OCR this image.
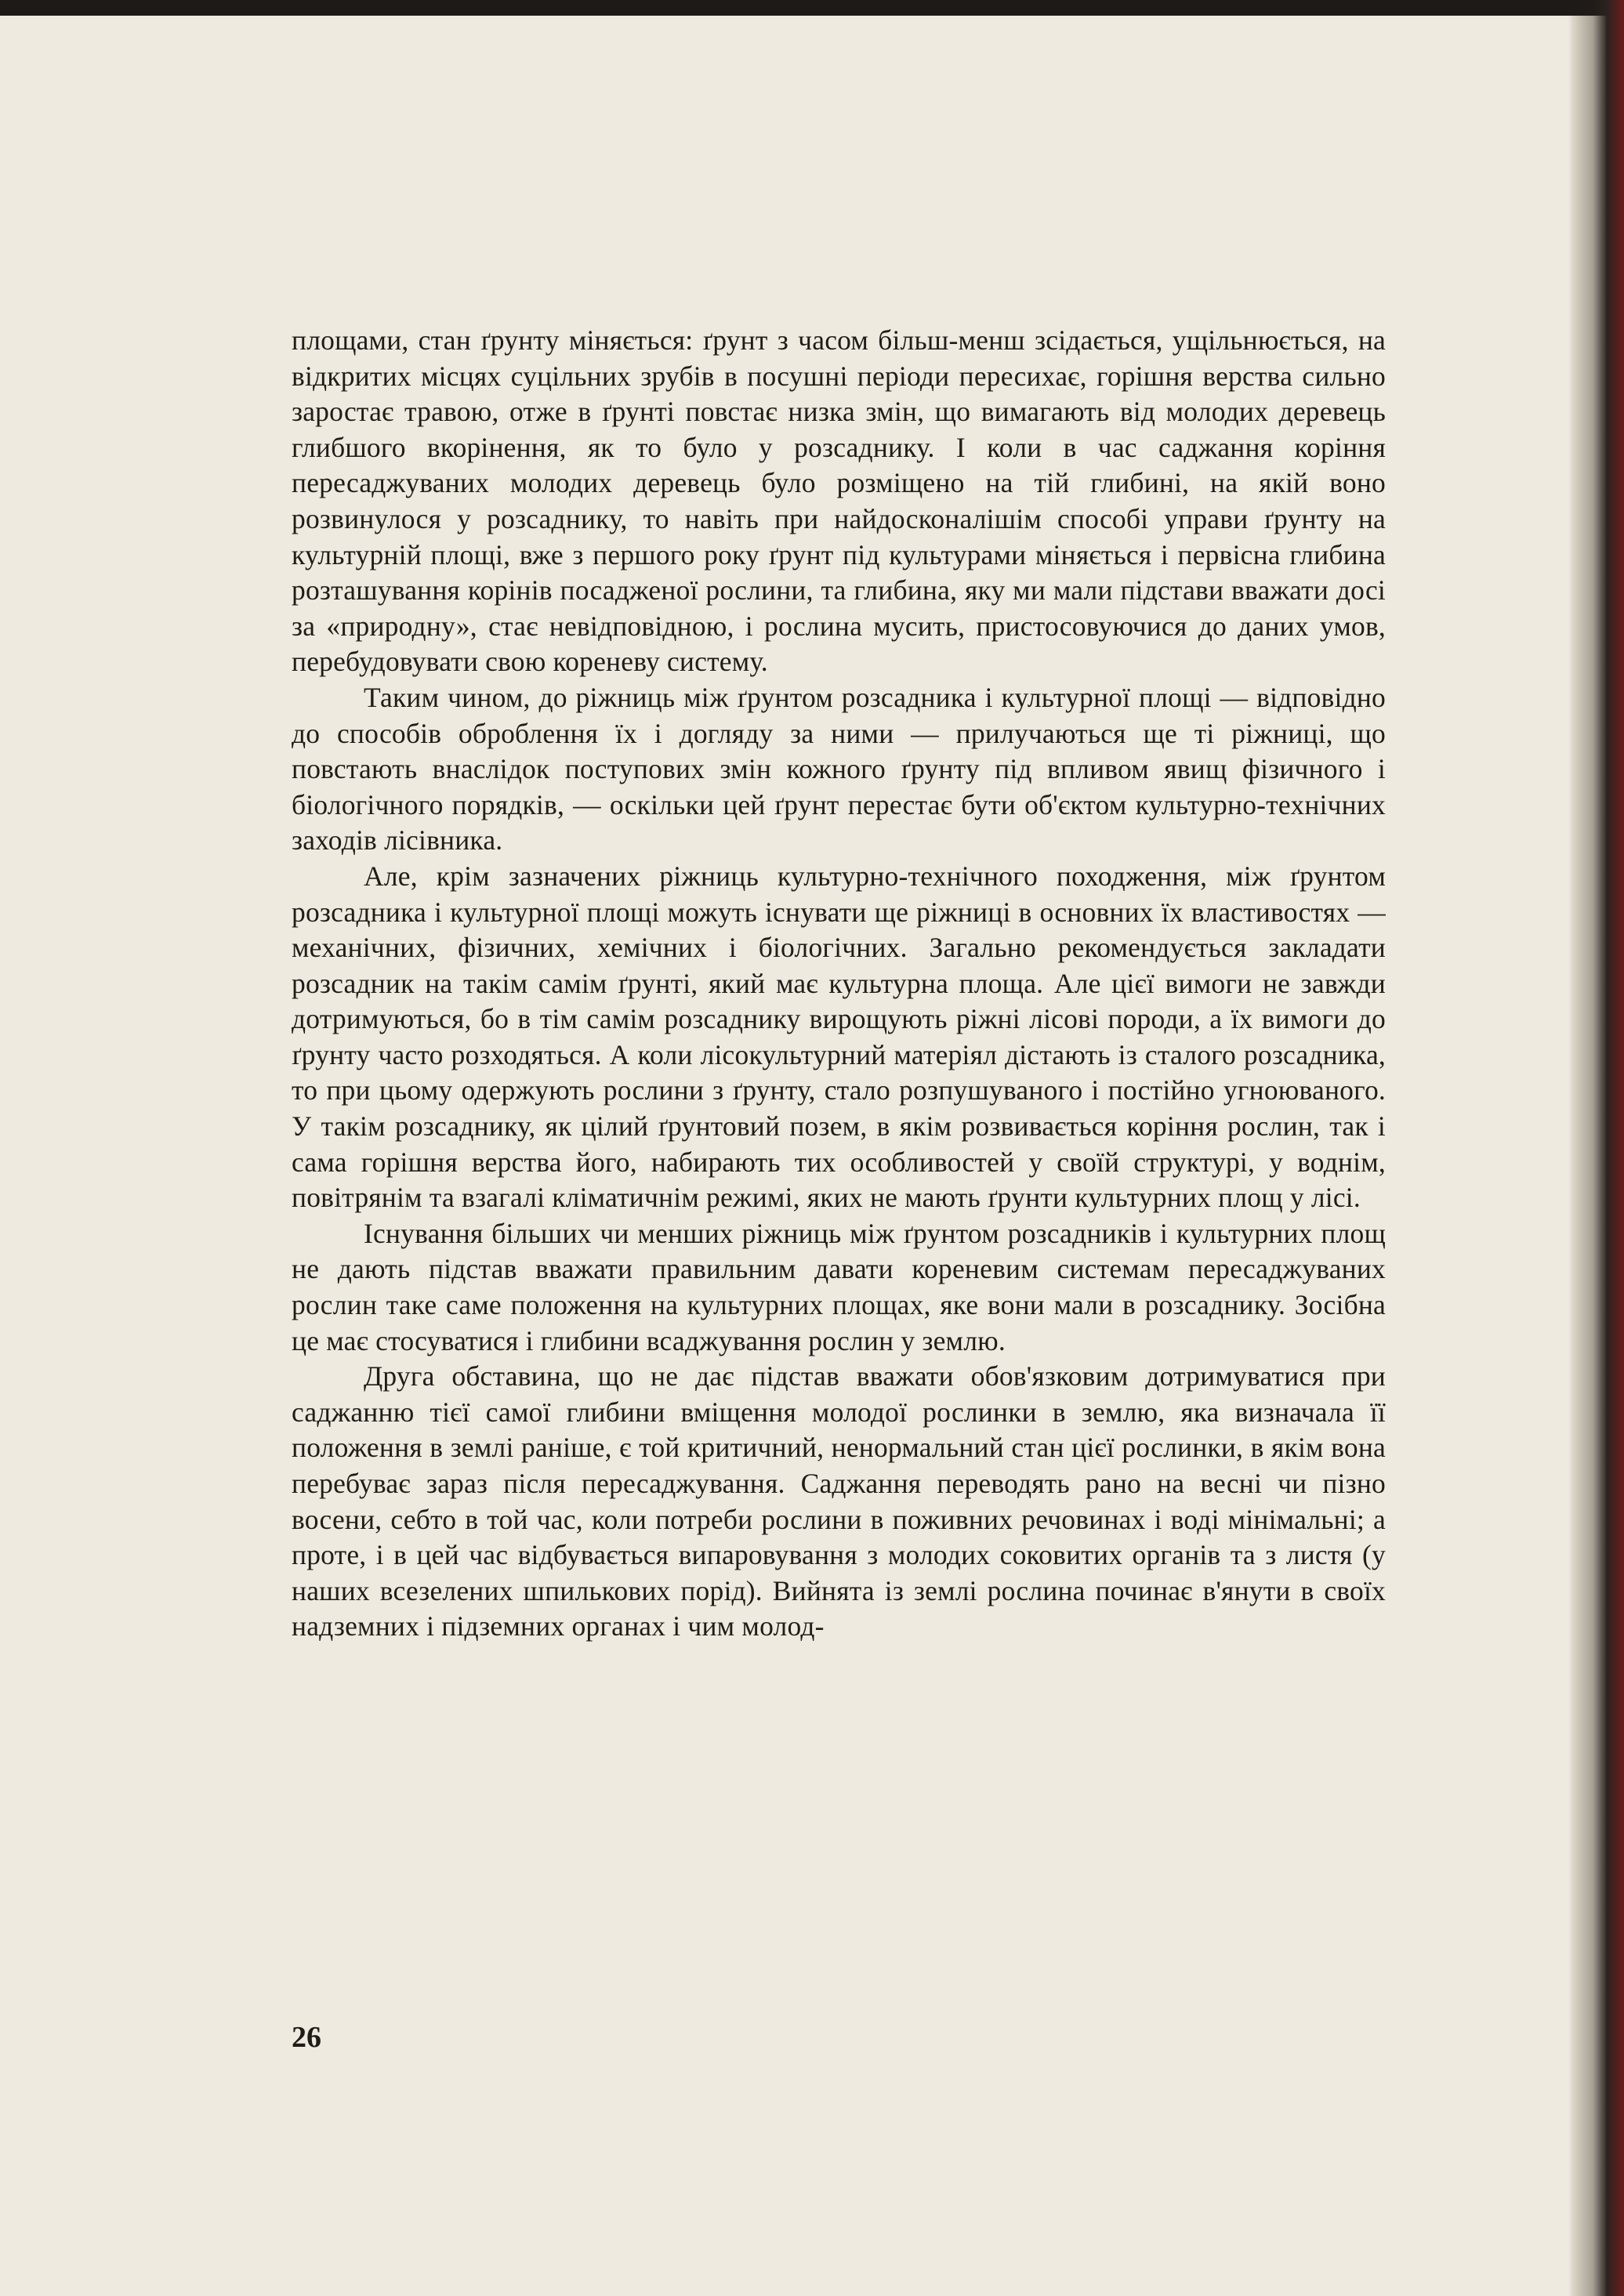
площами, стан ґрунту міняється: ґрунт з часом більш-менш зсідається, ущільнюється, на відкритих місцях суцільних зрубів в посушні періоди пересихає, горішня верства сильно заростає травою, отже в ґрунті повстає низка змін, що вимагають від молодих деревець глибшого вкорінення, як то було у розсаднику. І коли в час саджання коріння пересаджуваних молодих деревець було розміщено на тій глибині, на якій воно розвинулося у розсаднику, то навіть при найдосконалішім способі управи ґрунту на культурній площі, вже з першого року ґрунт під культурами міняється і первісна глибина розташування корінів посадженої рослини, та глибина, яку ми мали підстави вважати досі за «природну», стає невідповідною, і рослина мусить, пристосовуючися до даних умов, перебудовувати свою кореневу систему.

Таким чином, до ріжниць між ґрунтом розсадника і культурної площі — відповідно до способів оброблення їх і догляду за ними — прилучаються ще ті ріжниці, що повстають внаслідок поступових змін кожного ґрунту під впливом явищ фізичного і біологічного порядків, — оскільки цей ґрунт перестає бути об'єктом культурно-технічних заходів лісівника.

Але, крім зазначених ріжниць культурно-технічного походження, між ґрунтом розсадника і культурної площі можуть існувати ще ріжниці в основних їх властивостях — механічних, фізичних, хемічних і біологічних. Загально рекомендується закладати розсадник на такім самім ґрунті, який має культурна площа. Але цієї вимоги не завжди дотримуються, бо в тім самім розсаднику вирощують ріжні лісові породи, а їх вимоги до ґрунту часто розходяться. А коли лісокультурний матеріял дістають із сталого розсадника, то при цьому одержують рослини з ґрунту, стало розпушуваного і постійно угноюваного. У такім розсаднику, як цілий ґрунтовий позем, в якім розвивається коріння рослин, так і сама горішня верства його, набирають тих особливостей у своїй структурі, у воднім, повітрянім та взагалі кліматичнім режимі, яких не мають ґрунти культурних площ у лісі.

Існування більших чи менших ріжниць між ґрунтом розсадників і культурних площ не дають підстав вважати правильним давати кореневим системам пересаджуваних рослин таке саме положення на культурних площах, яке вони мали в розсаднику. Зосібна це має стосуватися і глибини всаджування рослин у землю.

Друга обставина, що не дає підстав вважати обов'язковим дотримуватися при саджанню тієї самої глибини вміщення молодої рослинки в землю, яка визначала її положення в землі раніше, є той критичний, ненормальний стан цієї рослинки, в якім вона перебуває зараз після пересаджування. Саджання переводять рано на весні чи пізно восени, себто в той час, коли потреби рослини в поживних речовинах і воді мінімальні; а проте, і в цей час відбувається випаровування з молодих соковитих органів та з листя (у наших всезелених шпилькових порід). Вийнята із землі рослина починає в'янути в своїх надземних і підземних органах і чим молод-

26
